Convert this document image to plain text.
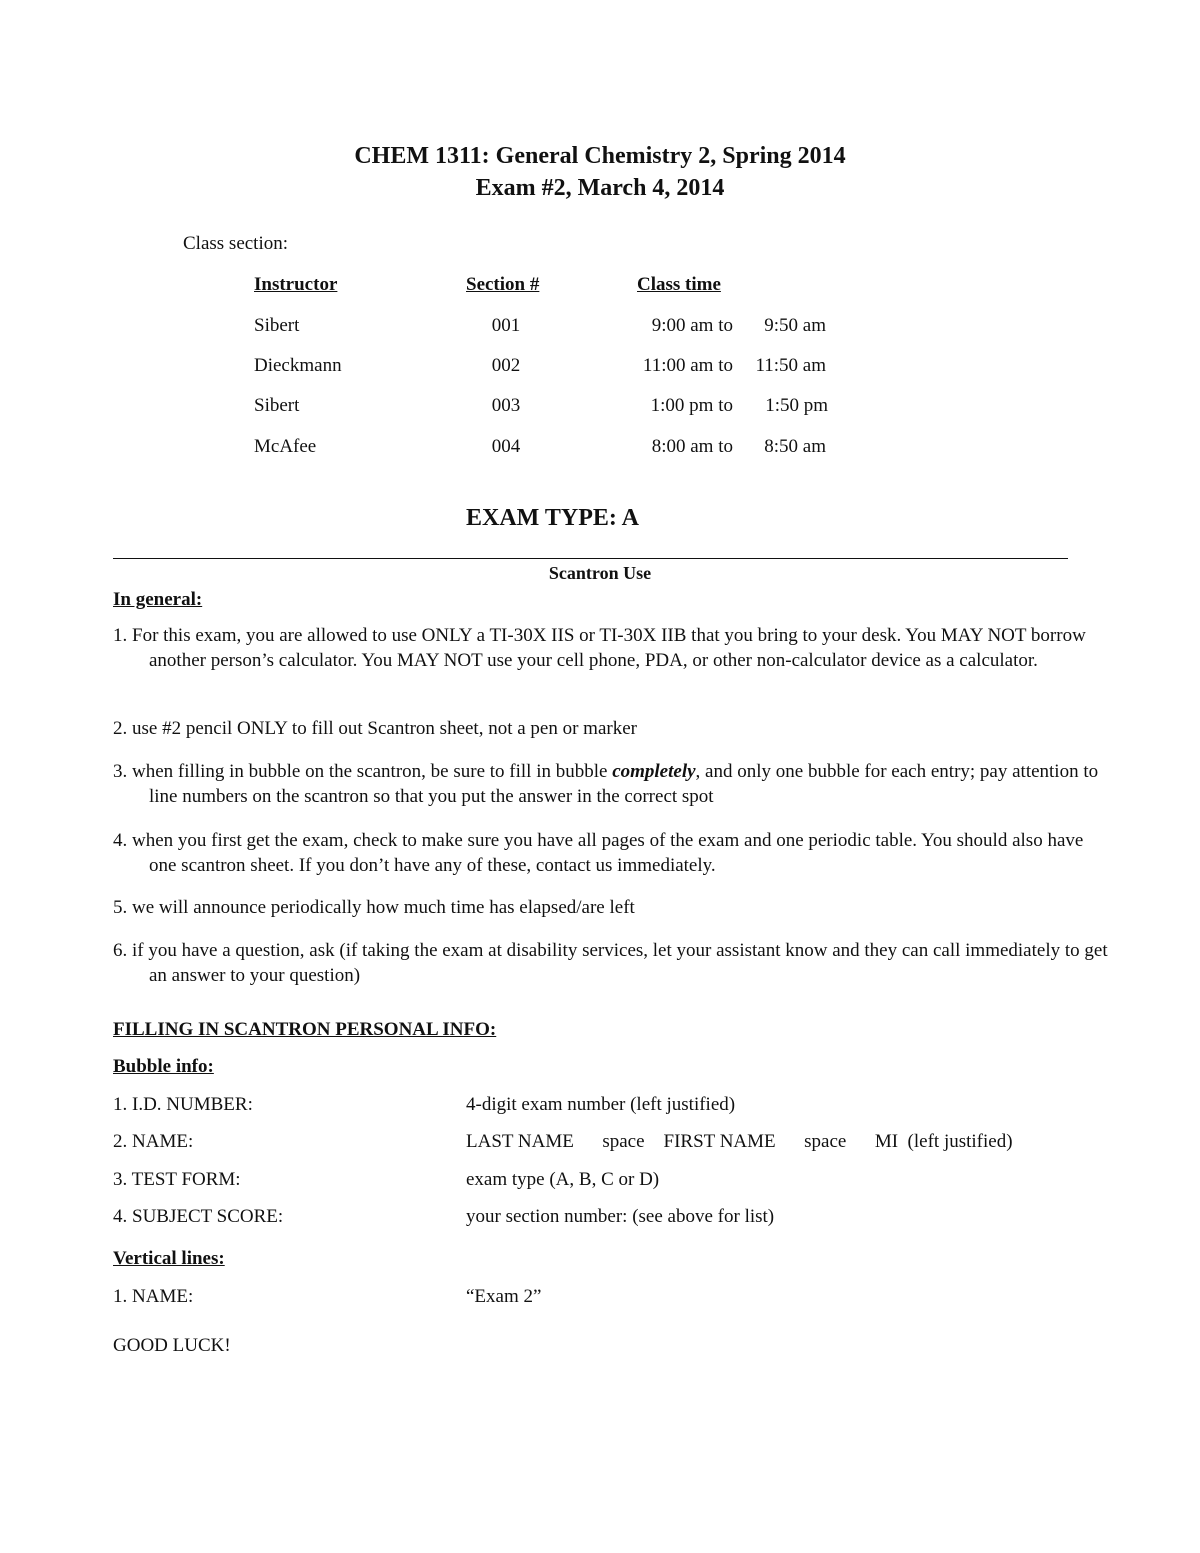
CHEM 1311: General Chemistry 2, Spring 2014
Exam #2, March 4, 2014
Class section:
Instructor	Section #	Class time
Sibert	001	9:00 am to	9:50 am
Dieckmann	002	11:00 am to	11:50 am
Sibert	003	1:00 pm to	1:50 pm
McAfee	004	8:00 am to	8:50 am
EXAM TYPE: A
Scantron Use
In general:
1. For this exam, you are allowed to use ONLY a TI-30X IIS or TI-30X IIB that you bring to your desk. You MAY NOT borrow another person’s calculator. You MAY NOT use your cell phone, PDA, or other non-calculator device as a calculator.
2. use #2 pencil ONLY to fill out Scantron sheet, not a pen or marker
3. when filling in bubble on the scantron, be sure to fill in bubble completely, and only one bubble for each entry; pay attention to line numbers on the scantron so that you put the answer in the correct spot
4. when you first get the exam, check to make sure you have all pages of the exam and one periodic table. You should also have one scantron sheet. If you don’t have any of these, contact us immediately.
5. we will announce periodically how much time has elapsed/are left
6. if you have a question, ask (if taking the exam at disability services, let your assistant know and they can call immediately to get an answer to your question)
FILLING IN SCANTRON PERSONAL INFO:
Bubble info:
1. I.D. NUMBER:	4-digit exam number (left justified)
2. NAME:	LAST NAME      space    FIRST NAME      space      MI  (left justified)
3. TEST FORM:	exam type (A, B, C or D)
4. SUBJECT SCORE:	your section number: (see above for list)
Vertical lines:
1. NAME:	“Exam 2”
GOOD LUCK!
